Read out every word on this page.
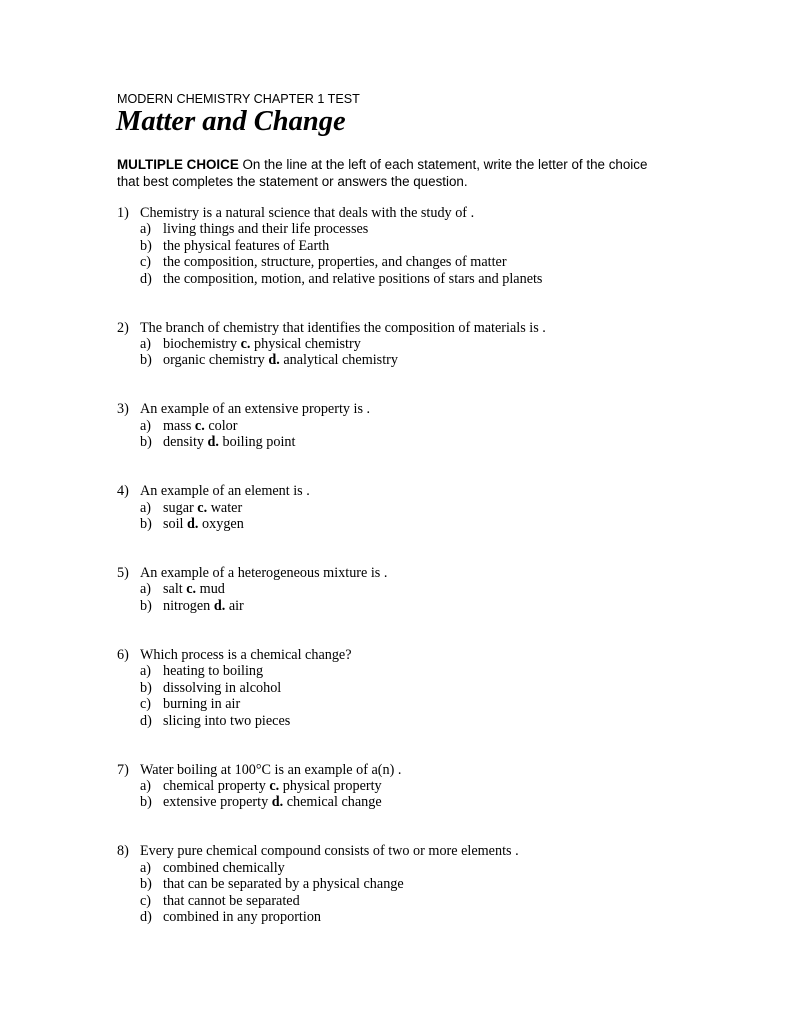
MODERN CHEMISTRY CHAPTER 1 TEST
Matter and Change
MULTIPLE CHOICE On the line at the left of each statement, write the letter of the choice that best completes the statement or answers the question.
1) Chemistry is a natural science that deals with the study of .
a) living things and their life processes
b) the physical features of Earth
c) the composition, structure, properties, and changes of matter
d) the composition, motion, and relative positions of stars and planets
2) The branch of chemistry that identifies the composition of materials is .
a) biochemistry c. physical chemistry
b) organic chemistry d. analytical chemistry
3) An example of an extensive property is .
a) mass c. color
b) density d. boiling point
4) An example of an element is .
a) sugar c. water
b) soil d. oxygen
5) An example of a heterogeneous mixture is .
a) salt c. mud
b) nitrogen d. air
6) Which process is a chemical change?
a) heating to boiling
b) dissolving in alcohol
c) burning in air
d) slicing into two pieces
7) Water boiling at 100°C is an example of a(n) .
a) chemical property c. physical property
b) extensive property d. chemical change
8) Every pure chemical compound consists of two or more elements .
a) combined chemically
b) that can be separated by a physical change
c) that cannot be separated
d) combined in any proportion
